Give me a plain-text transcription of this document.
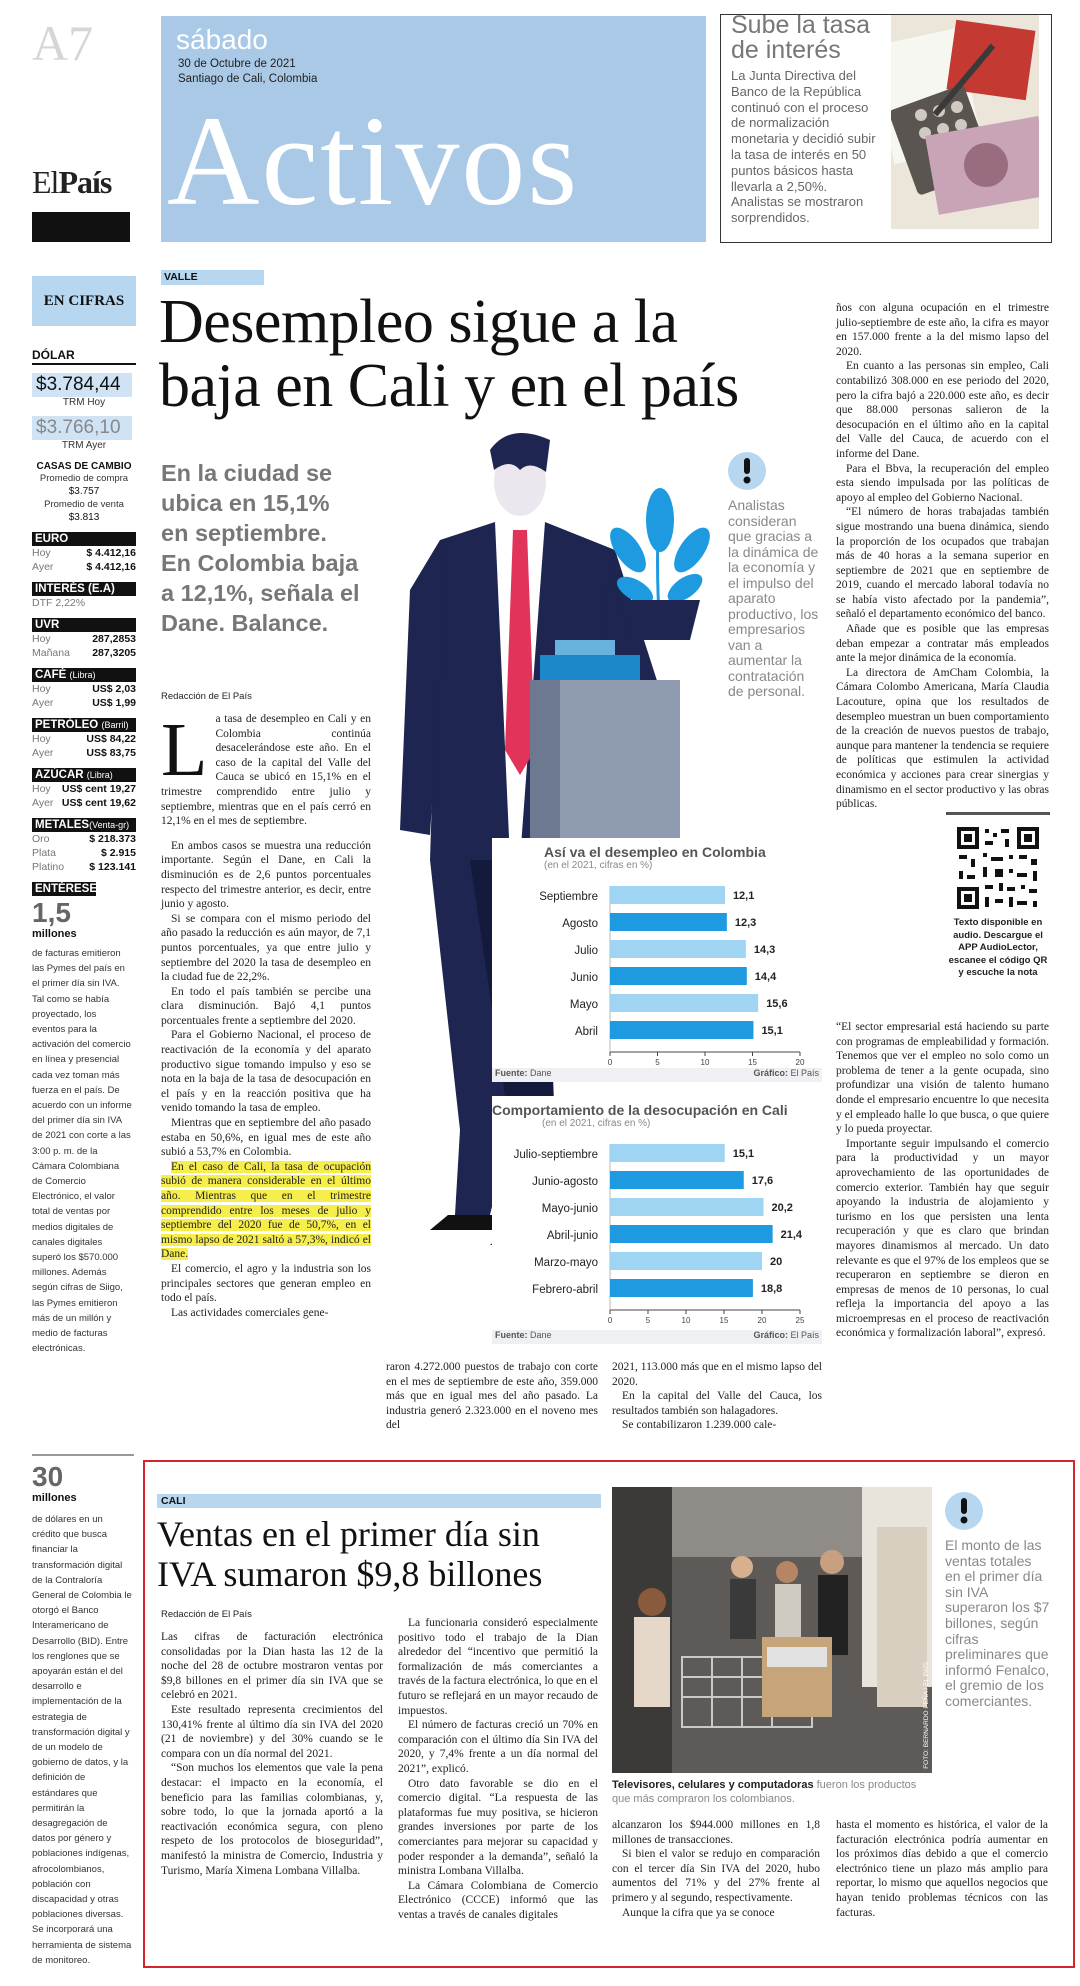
A7
ElPaís
sábado
30 de Octubre de 2021
Santiago de Cali, Colombia
Activos
Sube la tasa
de interés
La Junta Directiva del Banco de la República continuó con el proceso de normalización monetaria y decidió subir la tasa de interés en 50 puntos básicos hasta llevarla a 2,50%. Analistas se mostraron sorprendidos.
EN CIFRAS
DÓLAR
$3.784,44
TRM Hoy
$3.766,10
TRM Ayer
CASAS DE CAMBIO
Promedio de compra
$3.757
Promedio de venta
$3.813
EURO
Hoy	$ 4.412,16
Ayer	$ 4.412,16
INTERÉS (E.A)
DTF 2,22%
UVR
Hoy	287,2853
Mañana 287,3205
CAFÉ (Libra)
Hoy	US$ 2,03
Ayer	US$ 1,99
PETRÓLEO (Barril)
Hoy	US$ 84,22
Ayer	US$ 83,75
AZÚCAR (Libra)
Hoy US$ cent 19,27
Ayer US$ cent 19,62
METALES(Venta-gr)
Oro	$ 218.373
Plata	$ 2.915
Platino $ 123.141
ENTÉRESE
1,5
millones
de facturas emitieron las Pymes del país en el primer día sin IVA. Tal como se había proyectado, los eventos para la activación del comercio en línea y presencial cada vez toman más fuerza en el país. De acuerdo con un informe del primer día sin IVA de 2021 con corte a las 3:00 p. m. de la Cámara Colombiana de Comercio Electrónico, el valor total de ventas por medios digitales de canales digitales superó los $570.000 millones. Además según cifras de Siigo, las Pymes emitieron más de un millón y medio de facturas electrónicas.
30
millones
de dólares en un crédito que busca financiar la transformación digital de la Contraloría General de Colombia le otorgó el Banco Interamericano de Desarrollo (BID). Entre los renglones que se apoyarán están el del desarrollo e implementación de la estrategia de transformación digital y de un modelo de gobierno de datos, y la definición de estándares que permitirán la desagregación de datos por género y poblaciones indígenas, afrocolombianos, población con discapacidad y otras poblaciones diversas. Se incorporará una herramienta de sistema de monitoreo.
VALLE
Desempleo sigue a la
baja en Cali y en el país
En la ciudad se ubica en 15,1% en septiembre. En Colombia baja a 12,1%, señala el Dane. Balance.
Redacción de El País
L a tasa de desempleo en Cali y en Colombia continúa desacelerándose este año. En el caso de la capital del Valle del Cauca se ubicó en 15,1% en el trimestre comprendido entre julio y septiembre, mientras que en el país cerró en 12,1% en el mes de septiembre.

En ambos casos se muestra una reducción importante. Según el Dane, en Cali la disminución es de 2,6 puntos porcentuales respecto del trimestre anterior, es decir, entre junio y agosto.

Si se compara con el mismo periodo del año pasado la reducción es aún mayor, de 7,1 puntos porcentuales, ya que entre julio y septiembre del 2020 la tasa de desempleo en la ciudad fue de 22,2%.

En todo el país también se percibe una clara disminución. Bajó 4,1 puntos porcentuales frente a septiembre del 2020.

Para el Gobierno Nacional, el proceso de reactivación de la economía y del aparato productivo sigue tomando impulso y eso se nota en la baja de la tasa de desocupación en el país y en la reacción positiva que ha venido tomando la tasa de empleo.

Mientras que en septiembre del año pasado estaba en 50,6%, en igual mes de este año subió a 53,7% en Colombia.

En el caso de Cali, la tasa de ocupación subió de manera considerable en el último año. Mientras que en el trimestre comprendido entre los meses de julio y septiembre del 2020 fue de 50,7%, en el mismo lapso de 2021 saltó a 57,3%, indicó el Dane.

El comercio, el agro y la industria son los principales sectores que generan empleo en todo el país.

Las actividades comerciales gene-

raron 4.272.000 puestos de trabajo con corte en el mes de septiembre de este año, 359.000 más que en igual mes del año pasado. La industria generó 2.323.000 en el noveno mes del

2021, 113.000 más que en el mismo lapso del 2020.

En la capital del Valle del Cauca, los resultados también son halagadores.

Se contabilizaron 1.239.000 cale-

Analistas consideran que gracias a la dinámica de la economía y el impulso del aparato productivo, los empresarios van a aumentar la contratación de personal.

ños con alguna ocupación en el trimestre julio-septiembre de este año, la cifra es mayor en 157.000 frente a la del mismo lapso del 2020.

En cuanto a las personas sin empleo, Cali contabilizó 308.000 en ese periodo del 2020, pero la cifra bajó a 220.000 este año, es decir que 88.000 personas salieron de la desocupación en el último año en la capital del Valle del Cauca, de acuerdo con el informe del Dane.

Para el Bbva, la recuperación del empleo esta siendo impulsada por las políticas de apoyo al empleo del Gobierno Nacional.

“El número de horas trabajadas también sigue mostrando una buena dinámica, siendo la proporción de los ocupados que trabajan más de 40 horas a la semana superior en septiembre de 2021 que en septiembre de 2019, cuando el mercado laboral todavía no se había visto afectado por la pandemia”, señaló el departamento económico del banco.

Añade que es posible que las empresas deban empezar a contratar más empleados ante la mejor dinámica de la economía.

La directora de AmCham Colombia, la Cámara Colombo Americana, María Claudia Lacouture, opina que los resultados de desempleo muestran un buen comportamiento de la creación de nuevos puestos de trabajo, aunque para mantener la tendencia se requiere de políticas que estimulen la actividad económica y acciones para crear sinergias y dinamismo en el sector productivo y las obras públicas.

Texto disponible en audio. Descargue el APP AudioLector, escanee el código QR y escuche la nota

“El sector empresarial está haciendo su parte con programas de empleabilidad y formación. Tenemos que ver el empleo no solo como un problema de tener a la gente ocupada, sino profundizar una visión de talento humano donde el empresario encuentre lo que necesita y el empleado halle lo que busca, o que quiere y lo pueda proyectar.

Importante seguir impulsando el comercio para la productividad y un mayor aprovechamiento de las oportunidades de comercio exterior. También hay que seguir apoyando la industria de alojamiento y turismo en los que persisten una lenta recuperación y que es claro que brindan mayores dinamismos al mercado. Un dato relevante es que el 97% de los empleos que se recuperaron en septiembre se dieron en empresas de menos de 10 personas, lo cual refleja la importancia del apoyo a las microempresas en el proceso de reactivación económica y formalización laboral”, expresó.

Así va el desempleo en Colombia
(en el 2021, cifras en %)
0	5	10	15	20
Septiembre	12,1
Agosto	12,3
Julio	14,3
Junio	14,4
Mayo	15,6
Abril	15,1
Fuente: Dane	Gráfico: El País
Comportamiento de la desocupación en Cali
(en el 2021, cifras en %)
0	5	10	15	20	25
Julio-septiembre	15,1
Junio-agosto	17,6
Mayo-junio	20,2
Abril-junio	21,4
Marzo-mayo	20
Febrero-abril	18,8
Fuente: Dane	Gráfico: El País
CALI
Ventas en el primer día sin
IVA sumaron $9,8 billones
Redacción de El País

Las cifras de facturación electrónica consolidadas por la Dian hasta las 12 de la noche del 28 de octubre mostraron ventas por $9,8 billones en el primer día sin IVA que se celebró en 2021.

Este resultado representa crecimientos del 130,41% frente al último día sin IVA del 2020 (21 de noviembre) y del 30% cuando se le compara con un día normal del 2021.

“Son muchos los elementos que vale la pena destacar: el impacto en la economía, el beneficio para las familias colombianas, y, sobre todo, lo que la jornada aportó a la reactivación económica segura, con pleno respeto de los protocolos de bioseguridad”, manifestó la ministra de Comercio, Industria y Turismo, María Ximena Lombana Villalba.

La funcionaria consideró especialmente positivo todo el trabajo de la Dian alrededor del “incentivo que permitió la formalización de más comerciantes a través de la factura electrónica, lo que en el futuro se reflejará en un mayor recaudo de impuestos.

El número de facturas creció un 70% en comparación con el último día Sin IVA del 2020, y 7,4% frente a un día normal del 2021”, explicó.

Otro dato favorable se dio en el comercio digital. “La respuesta de las plataformas fue muy positiva, se hicieron grandes inversiones por parte de los comerciantes para mejorar su capacidad y poder responder a la demanda”, señaló la ministra Lombana Villalba.

La Cámara Colombiana de Comercio Electrónico (CCCE) informó que las ventas a través de canales digitales

alcanzaron los $944.000 millones en 1,8 millones de transacciones.

Si bien el valor se redujo en comparación con el tercer día Sin IVA del 2020, hubo aumentos del 71% y del 27% frente al primero y al segundo, respectivamente.

Aunque la cifra que ya se conoce

hasta el momento es histórica, el valor de la facturación electrónica podría aumentar en los próximos días debido a que el comercio electrónico tiene un plazo más amplio para reportar, lo mismo que aquellos negocios que hayan tenido problemas técnicos con las facturas.

FOTO: BERNARDO PEÑA / EL PAÍS
Televisores, celulares y computadoras fueron los productos que más compraron los colombianos.
El monto de las ventas totales en el primer día sin IVA superaron los $7 billones, según cifras preliminares que informó Fenalco, el gremio de los comerciantes.
